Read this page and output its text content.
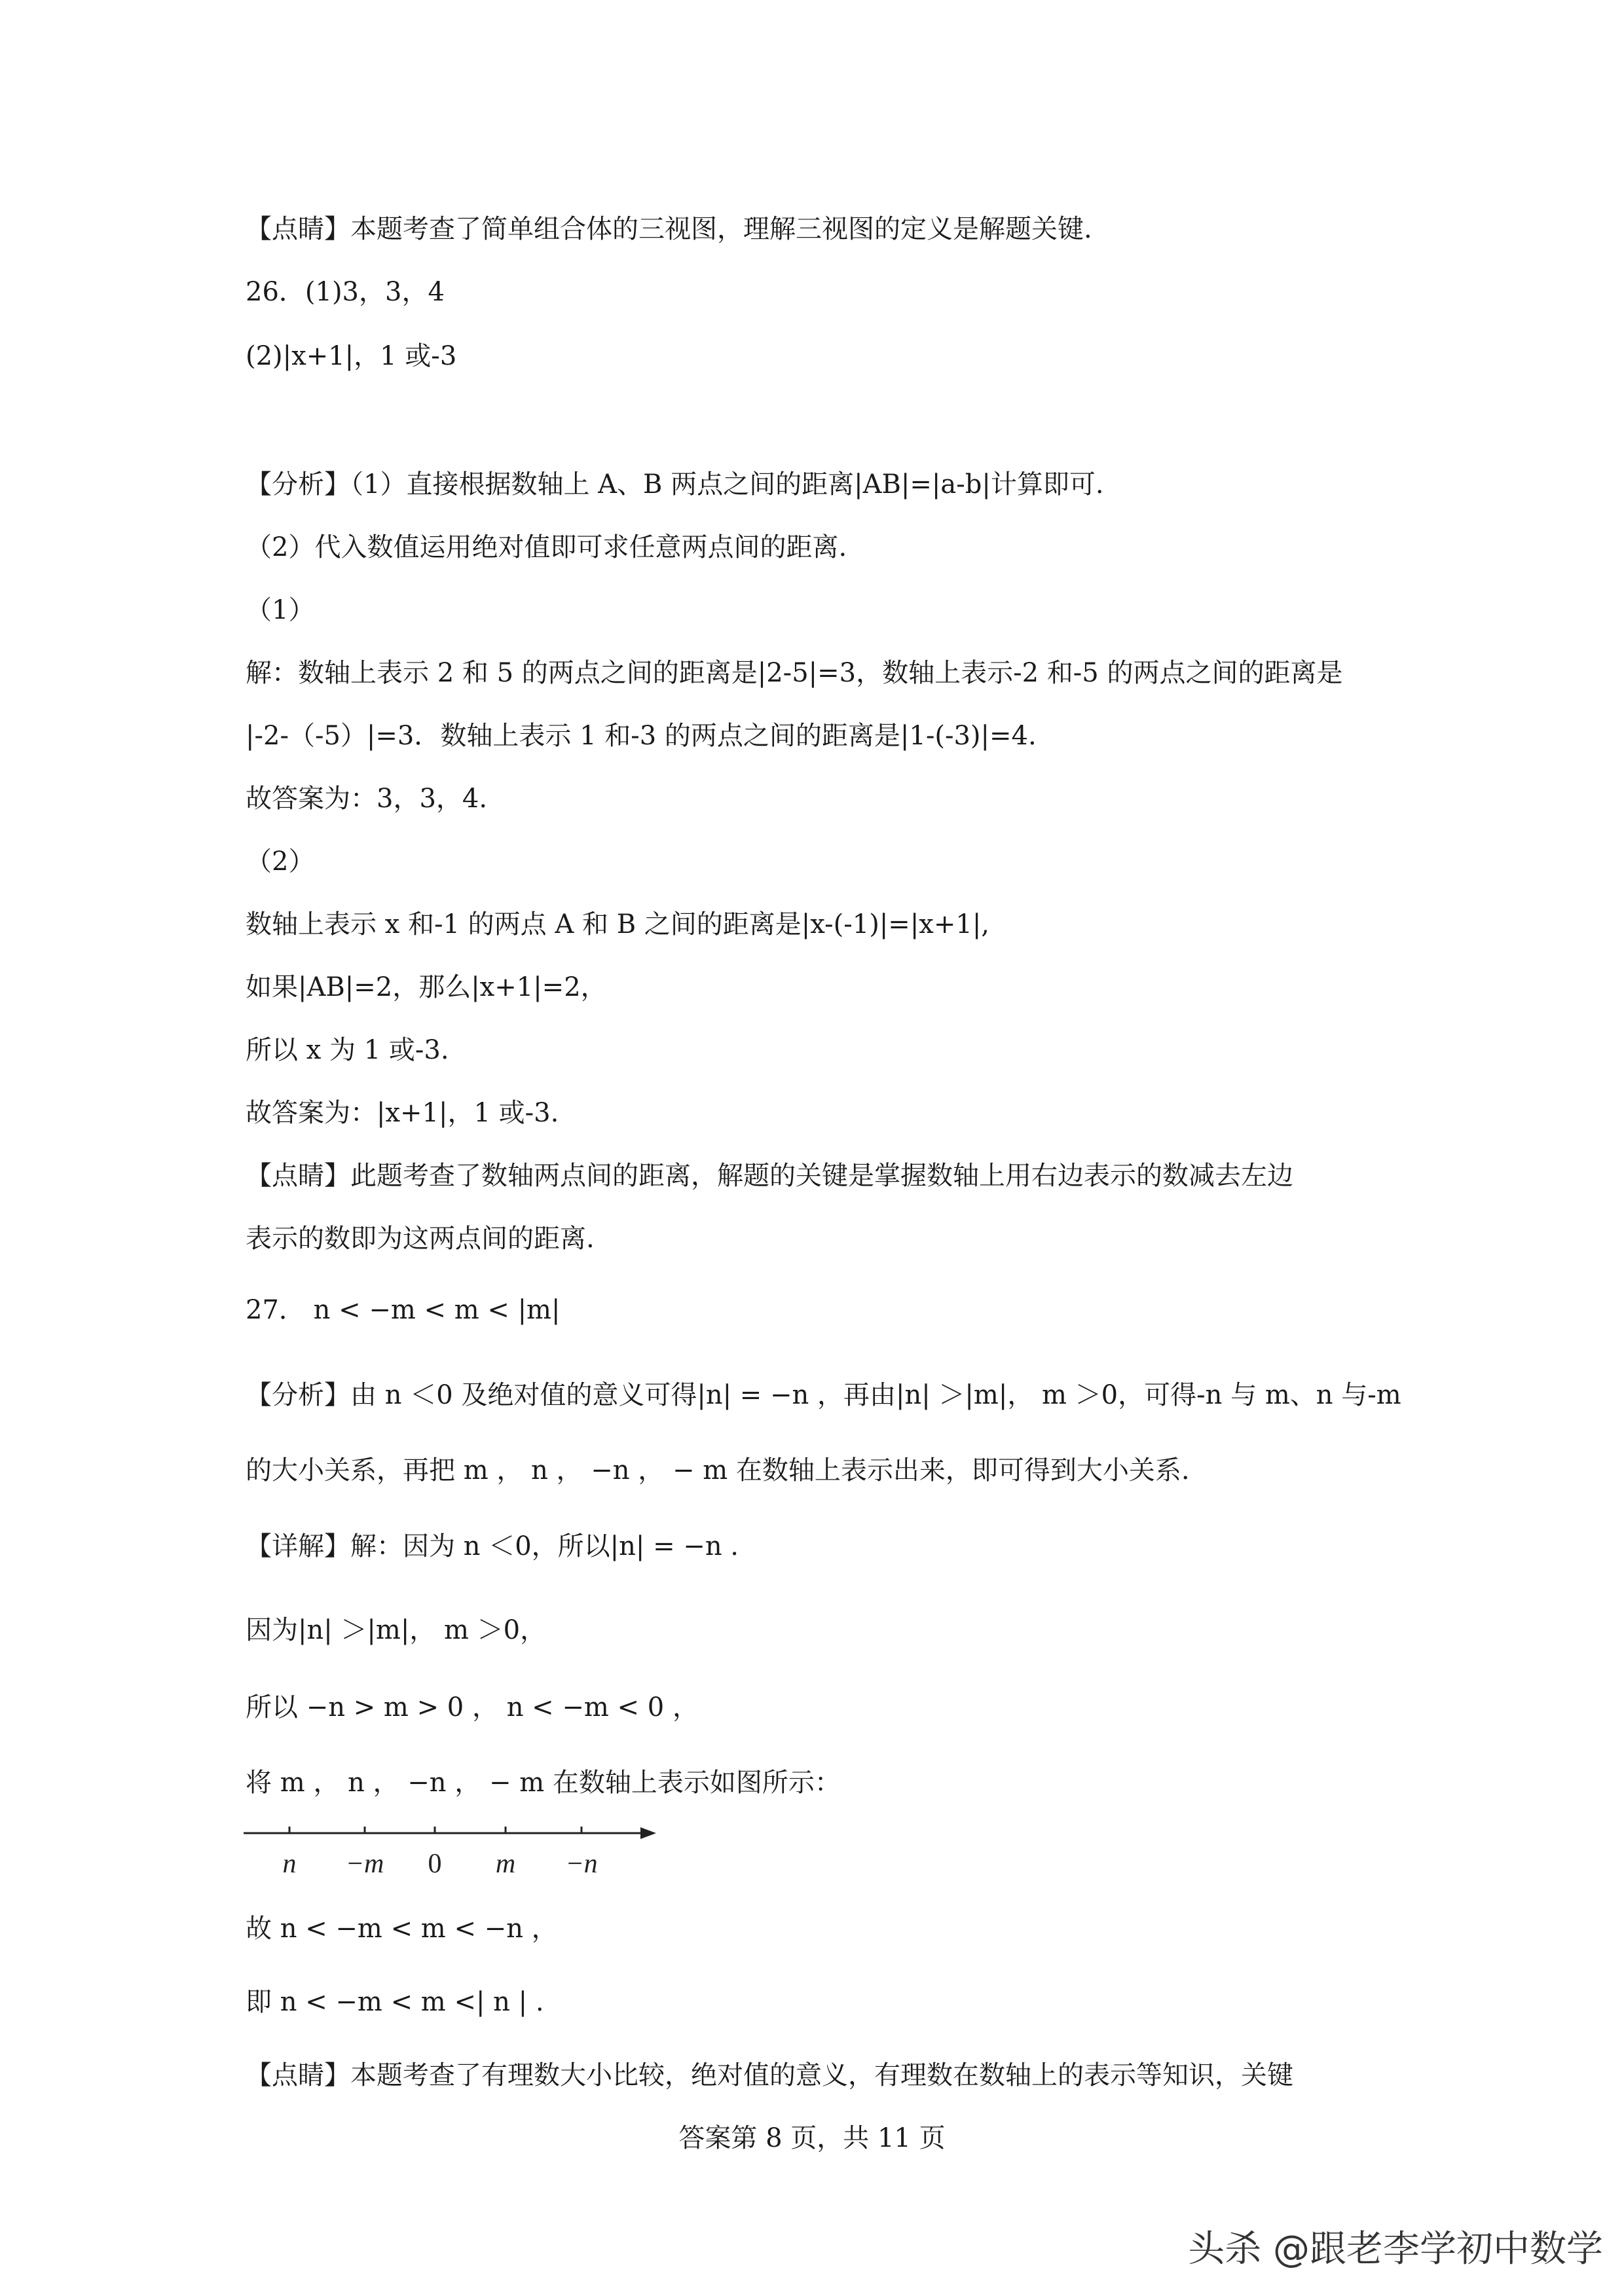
【点睛】本题考查了简单组合体的三视图，理解三视图的定义是解题关键.

26．(1)3，3，4

(2)|x+1|，1 或-3

【分析】（1）直接根据数轴上 A、B 两点之间的距离|AB|=|a-b|计算即可.

（2）代入数值运用绝对值即可求任意两点间的距离.

（1）

解：数轴上表示 2 和 5 的两点之间的距离是|2-5|=3，数轴上表示-2 和-5 的两点之间的距离是

|-2-（-5）|=3．数轴上表示 1 和-3 的两点之间的距离是|1-(-3)|=4.

故答案为：3，3，4.

（2）

数轴上表示 x 和-1 的两点 A 和 B 之间的距离是|x-(-1)|=|x+1|,

如果|AB|=2，那么|x+1|=2，

所以 x 为 1 或-3.

故答案为：|x+1|，1 或-3.

【点睛】此题考查了数轴两点间的距离，解题的关键是掌握数轴上用右边表示的数减去左边

表示的数即为这两点间的距离.

27． n < −m < m < |m|

【分析】由 n ＜0 及绝对值的意义可得|n| = −n ，再由|n| ＞|m|， m ＞0，可得-n 与 m、n 与-m

的大小关系，再把 m ， n ， −n ， − m 在数轴上表示出来，即可得到大小关系.

【详解】解：因为 n ＜0，所以|n| = −n .

因为|n| ＞|m|， m ＞0，

所以 −n > m > 0 ， n < −m < 0 ，

将 m ， n ， −n ， − m 在数轴上表示如图所示：

n −m 0 m −n

故 n < −m < m < −n ，

即 n < −m < m <| n | .

【点睛】本题考查了有理数大小比较，绝对值的意义，有理数在数轴上的表示等知识，关键

答案第 8 页，共 11 页
头杀 @跟老李学初中数学
